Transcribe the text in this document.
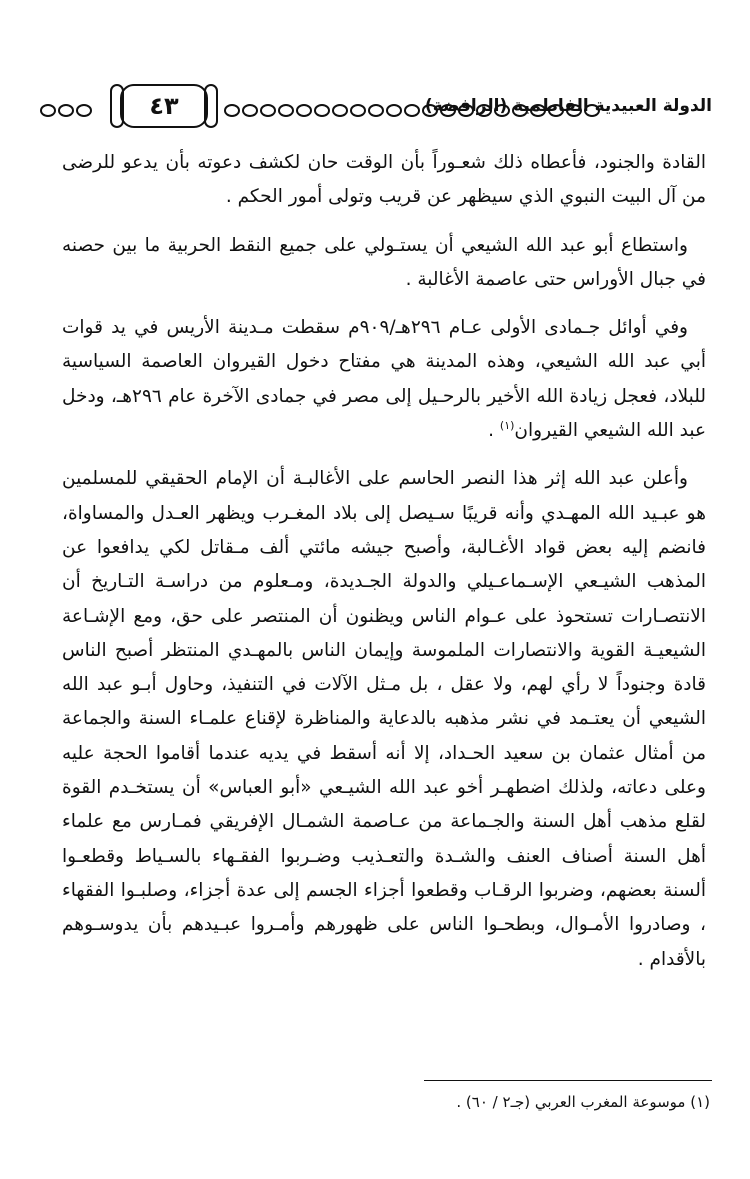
الدولة العبيدية الفاطمية (الرافضة)
٤٣

القادة والجنود، فأعطاه ذلك شعـوراً بأن الوقت حان لكشف دعوته بأن يدعو للرضى من آل البيت النبوي الذي سيظهر عن قريب وتولى أمور الحكم .

واستطاع أبو عبد الله الشيعي أن يستـولي على جميع النقط الحربية ما بين حصنه في جبال الأوراس حتى عاصمة الأغالبة .

وفي أوائل جـمادى الأولى عـام ٢٩٦هـ/٩٠٩م سقطت مـدينة الأريس في يد قوات أبي عبد الله الشيعي، وهذه المدينة هي مفتاح دخول القيروان العاصمة السياسية للبلاد، فعجل زيادة الله الأخير بالرحـيل إلى مصر في جمادى الآخرة عام ٢٩٦هـ، ودخل عبد الله الشيعي القيروان$^{(١)}$ .

وأعلن عبد الله إثر هذا النصر الحاسم على الأغالبـة أن الإمام الحقيقي للمسلمين هو عبـيد الله المهـدي وأنه قريبًا سـيصل إلى بلاد المغـرب ويظهر العـدل والمساواة، فانضم إليه بعض قواد الأغـالبة، وأصبح جيشه مائتي ألف مـقاتل لكي يدافعوا عن المذهب الشيـعي الإسـماعـيلي والدولة الجـديدة، ومـعلوم من دراسـة التـاريخ أن الانتصـارات تستحوذ على عـوام الناس ويظنون أن المنتصر على حق، ومع الإشـاعة الشيعيـة القوية والانتصارات الملموسة وإيمان الناس بالمهـدي المنتظر أصبح الناس قادة وجنوداً لا رأي لهم، ولا عقل ، بل مـثل الآلات في التنفيذ، وحاول أبـو عبد الله الشيعي أن يعتـمد في نشر مذهبه بالدعاية والمناظرة لإقناع علمـاء السنة والجماعة من أمثال عثمان بن سعيد الحـداد، إلا أنه أسقط في يديه عندما أقاموا الحجة عليه وعلى دعاته، ولذلك اضطهـر أخو عبد الله الشيـعي «أبو العباس» أن يستخـدم القوة لقلع مذهب أهل السنة والجـماعة من عـاصمة الشمـال الإفريقي فمـارس مع علماء أهل السنة أصناف العنف والشـدة والتعـذيب وضـربوا الفقـهاء بالسـياط وقطعـوا ألسنة بعضهم، وضربوا الرقـاب وقطعوا أجزاء الجسم إلى عدة أجزاء، وصلبـوا الفقهاء ، وصادروا الأمـوال، وبطحـوا الناس على ظهورهم وأمـروا عبـيدهم بأن يدوسـوهم بالأقدام .

(١) موسوعة المغرب العربي (جـ٢ / ٦٠) .
